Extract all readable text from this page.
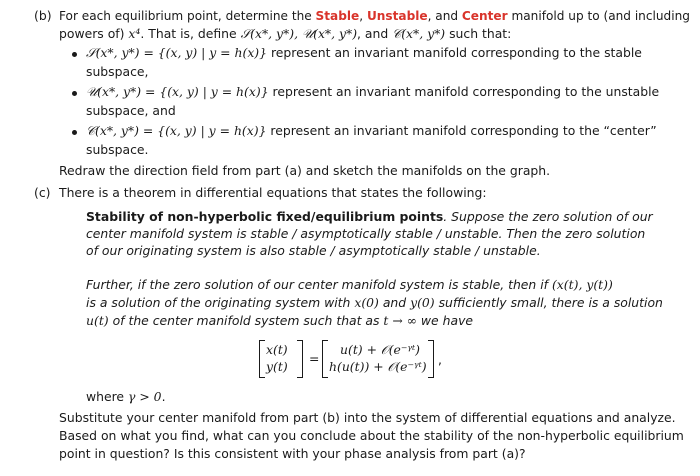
(b) For each equilibrium point, determine the Stable, Unstable, and Center manifold up to (and including
powers of) x⁴. That is, define 𝒮(x*, y*), 𝒰(x*, y*), and 𝒞(x*, y*) such that:
𝒮(x*, y*) = {(x, y) | y = h(x)} represent an invariant manifold corresponding to the stable
subspace,
𝒰(x*, y*) = {(x, y) | y = h(x)} represent an invariant manifold corresponding to the unstable
subspace, and
𝒞(x*, y*) = {(x, y) | y = h(x)} represent an invariant manifold corresponding to the “center”
subspace.
Redraw the direction field from part (a) and sketch the manifolds on the graph.
(c) There is a theorem in differential equations that states the following:
Stability of non-hyperbolic fixed/equilibrium points. Suppose the zero solution of our
center manifold system is stable / asymptotically stable / unstable. Then the zero solution
of our originating system is also stable / asymptotically stable / unstable.
Further, if the zero solution of our center manifold system is stable, then if (x(t), y(t))
is a solution of the originating system with x(0) and y(0) sufficiently small, there is a solution
u(t) of the center manifold system such that as t → ∞ we have
x(t)
y(t)
=
u(t) + 𝒪(e⁻ᵞᵗ)
h(u(t)) + 𝒪(e⁻ᵞᵗ) ,
where γ > 0.
Substitute your center manifold from part (b) into the system of differential equations and analyze.
Based on what you find, what can you conclude about the stability of the non-hyperbolic equilibrium
point in question? Is this consistent with your phase analysis from part (a)?
